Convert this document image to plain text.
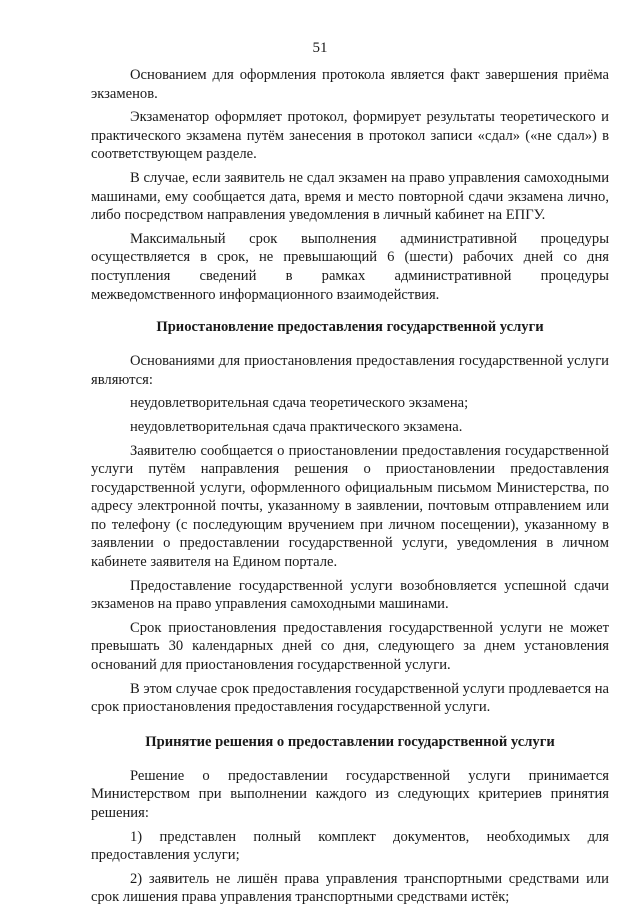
51

Основанием для оформления протокола является факт завершения приёма экзаменов.

Экзаменатор оформляет протокол, формирует результаты теоретического и практического экзамена путём занесения в протокол записи «сдал» («не сдал») в соответствующем разделе.

В случае, если заявитель не сдал экзамен на право управления самоходными машинами, ему сообщается дата, время и место повторной сдачи экзамена лично, либо посредством направления уведомления в личный кабинет на ЕПГУ.

Максимальный срок выполнения административной процедуры осуществляется в срок, не превышающий 6 (шести) рабочих дней со дня поступления сведений в рамках административной процедуры межведомственного информационного взаимодействия.

Приостановление предоставления государственной услуги

Основаниями для приостановления предоставления государственной услуги являются:

неудовлетворительная сдача теоретического экзамена;

неудовлетворительная сдача практического экзамена.

Заявителю сообщается о приостановлении предоставления государственной услуги путём направления решения о приостановлении предоставления государственной услуги, оформленного официальным письмом Министерства, по адресу электронной почты, указанному в заявлении, почтовым отправлением или по телефону (с последующим вручением при личном посещении), указанному в заявлении о предоставлении государственной услуги, уведомления в личном кабинете заявителя на Едином портале.

Предоставление государственной услуги возобновляется успешной сдачи экзаменов на право управления самоходными машинами.

Срок приостановления предоставления государственной услуги не может превышать 30 календарных дней со дня, следующего за днем установления оснований для приостановления государственной услуги.

В этом случае срок предоставления государственной услуги продлевается на срок приостановления предоставления государственной услуги.

Принятие решения о предоставлении государственной услуги

Решение о предоставлении государственной услуги принимается Министерством при выполнении каждого из следующих критериев принятия решения:

1) представлен полный комплект документов, необходимых для предоставления услуги;

2) заявитель не лишён права управления транспортными средствами или срок лишения права управления транспортными средствами истёк;
